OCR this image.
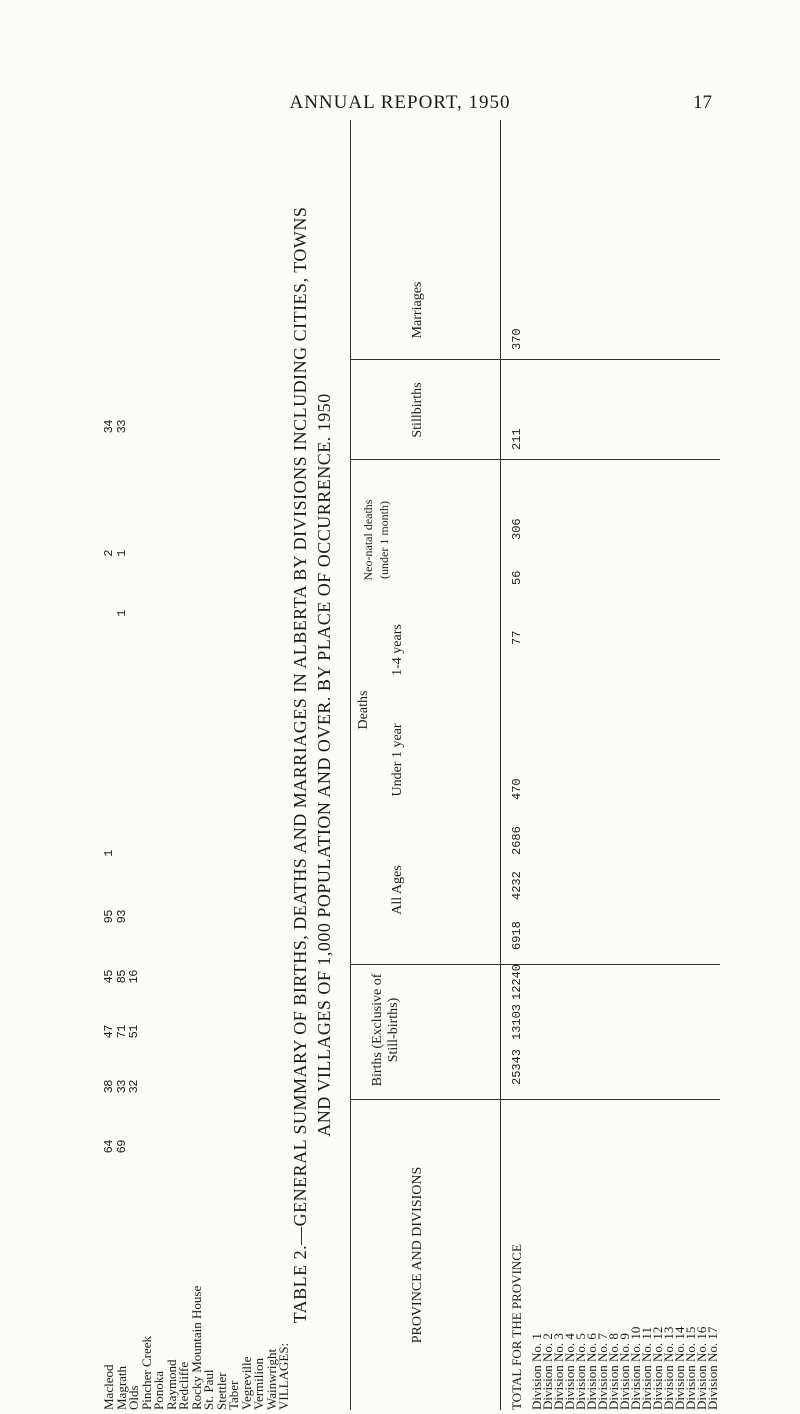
ANNUAL REPORT, 1950	17
Macleod
64
38
47
45
95
1
2
34
Magrath
69
33
71
85
93
1
1
33
Olds
32
51
16
Pincher Creek
Ponoka
Raymond
Redcliffe
Rocky Mountain House
St. Paul
Stettler
Taber
Vegreville
Vermilion
Wainwright
VILLAGES:
TABLE 2.—GENERAL SUMMARY OF BIRTHS, DEATHS AND MARRIAGES IN ALBERTA BY DIVISIONS INCLUDING CITIES, TOWNS AND VILLAGES OF 1,000 POPULATION AND OVER. BY PLACE OF OCCURRENCE. 1950
PROVINCE AND DIVISIONS
Births (Exclusive of Still-births)
Deaths
All Ages
Under 1 year
1-4 years
Neo-natal deaths (under 1 month)
Stillbirths
Marriages
TOTAL FOR THE PROVINCE
25343
13103
12240
6918
4232
2686
470
77
56
306
211
370
Division No. 1
Division No. 2
Division No. 3
Division No. 4
Division No. 5
Division No. 6
Division No. 7
Division No. 8
Division No. 9
Division No. 10
Division No. 11
Division No. 12
Division No. 13
Division No. 14
Division No. 15
Division No. 16
Division No. 17
